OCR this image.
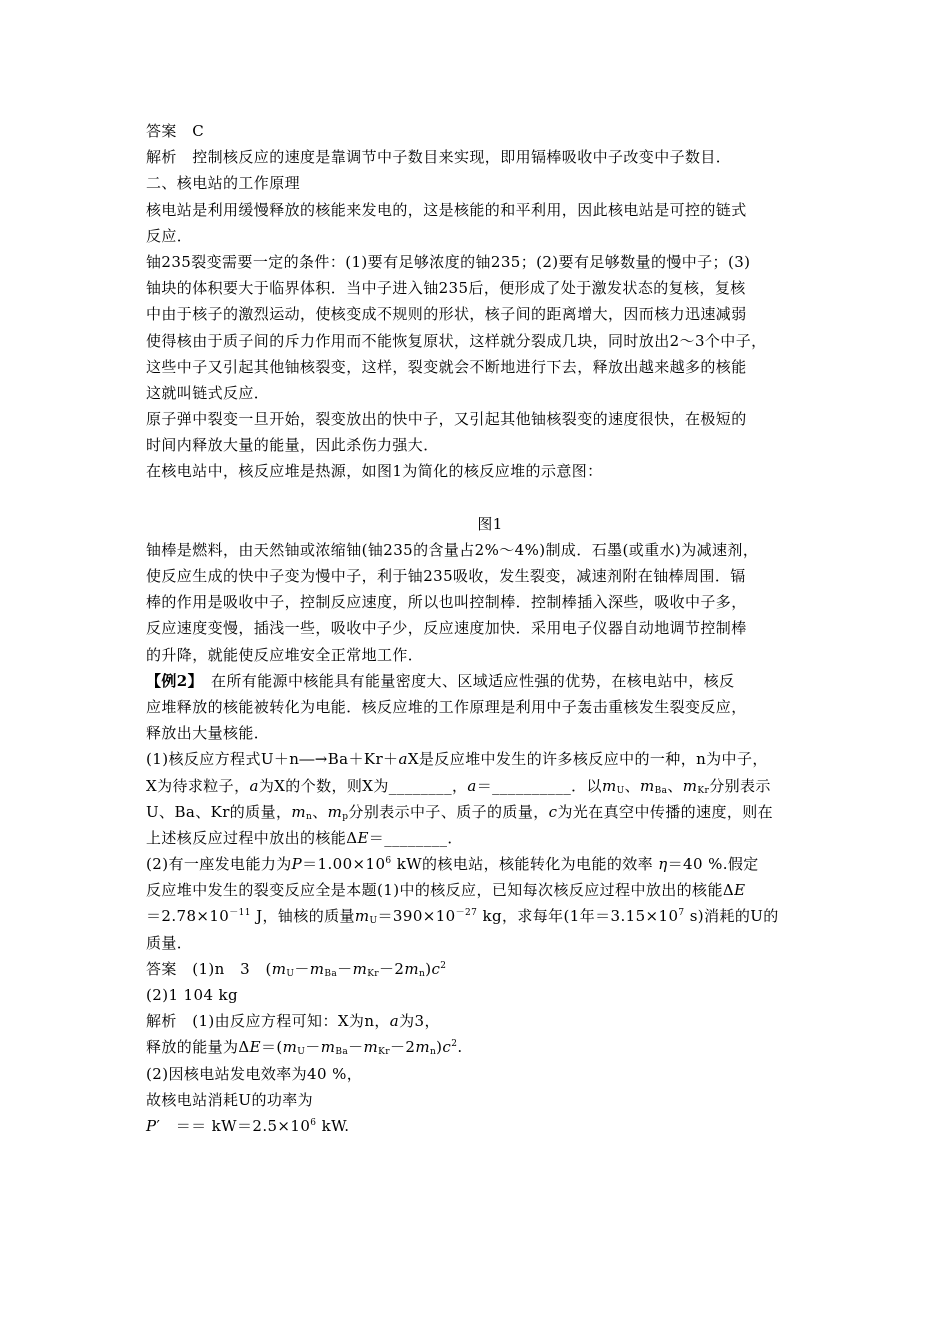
答案　C
解析　控制核反应的速度是靠调节中子数目来实现，即用镉棒吸收中子改变中子数目．
二、核电站的工作原理
核电站是利用缓慢释放的核能来发电的，这是核能的和平利用，因此核电站是可控的链式
反应．
铀235裂变需要一定的条件：(1)要有足够浓度的铀235；(2)要有足够数量的慢中子；(3)
铀块的体积要大于临界体积．当中子进入铀235后，便形成了处于激发状态的复核，复核
中由于核子的激烈运动，使核变成不规则的形状，核子间的距离增大，因而核力迅速减弱
使得核由于质子间的斥力作用而不能恢复原状，这样就分裂成几块，同时放出2～3个中子，
这些中子又引起其他铀核裂变，这样，裂变就会不断地进行下去，释放出越来越多的核能
这就叫链式反应．
原子弹中裂变一旦开始，裂变放出的快中子，又引起其他铀核裂变的速度很快，在极短的
时间内释放大量的能量，因此杀伤力强大．
在核电站中，核反应堆是热源，如图1为简化的核反应堆的示意图：
图1
铀棒是燃料，由天然铀或浓缩铀(铀235的含量占2%～4%)制成．石墨(或重水)为减速剂，
使反应生成的快中子变为慢中子，利于铀235吸收，发生裂变，减速剂附在铀棒周围．镉
棒的作用是吸收中子，控制反应速度，所以也叫控制棒．控制棒插入深些，吸收中子多，
反应速度变慢，插浅一些，吸收中子少，反应速度加快．采用电子仪器自动地调节控制棒
的升降，就能使反应堆安全正常地工作．
【例2】　在所有能源中核能具有能量密度大、区域适应性强的优势，在核电站中，核反
应堆释放的核能被转化为电能．核反应堆的工作原理是利用中子轰击重核发生裂变反应，
释放出大量核能．
(1)核反应方程式U＋n―→Ba＋Kr＋aX是反应堆中发生的许多核反应中的一种，n为中子，
X为待求粒子，a为X的个数，则X为________，a＝__________．以$m_U$、$m_{Ba}$、$m_{Kr}$分别表示
U、Ba、Kr的质量，$m_n$、$m_p$分别表示中子、质子的质量，c为光在真空中传播的速度，则在
上述核反应过程中放出的核能ΔE＝________．
(2)有一座发电能力为$P=1.00\times 10^6$ kW的核电站，核能转化为电能的效率 η＝40 %.假定
反应堆中发生的裂变反应全是本题(1)中的核反应，已知每次核反应过程中放出的核能ΔE
$=2.78\times 10^{-11}$ J，铀核的质量$m_U=390\times 10^{-27}$ kg，求每年(1年$=3.15\times 10^7$ s)消耗的U的
质量．
答案　(1)n　3　$(m_U-m_{Ba}-m_{Kr}-2m_n)c^2$
(2)1 104 kg
解析　(1)由反应方程可知：X为n，a为3，
释放的能量为$\Delta E=(m_U-m_{Ba}-m_{Kr}-2m_n)c^2$.
(2)因核电站发电效率为40 %，
故核电站消耗U的功率为
P′　＝＝ $kW=2.5\times 10^6$ kW.
